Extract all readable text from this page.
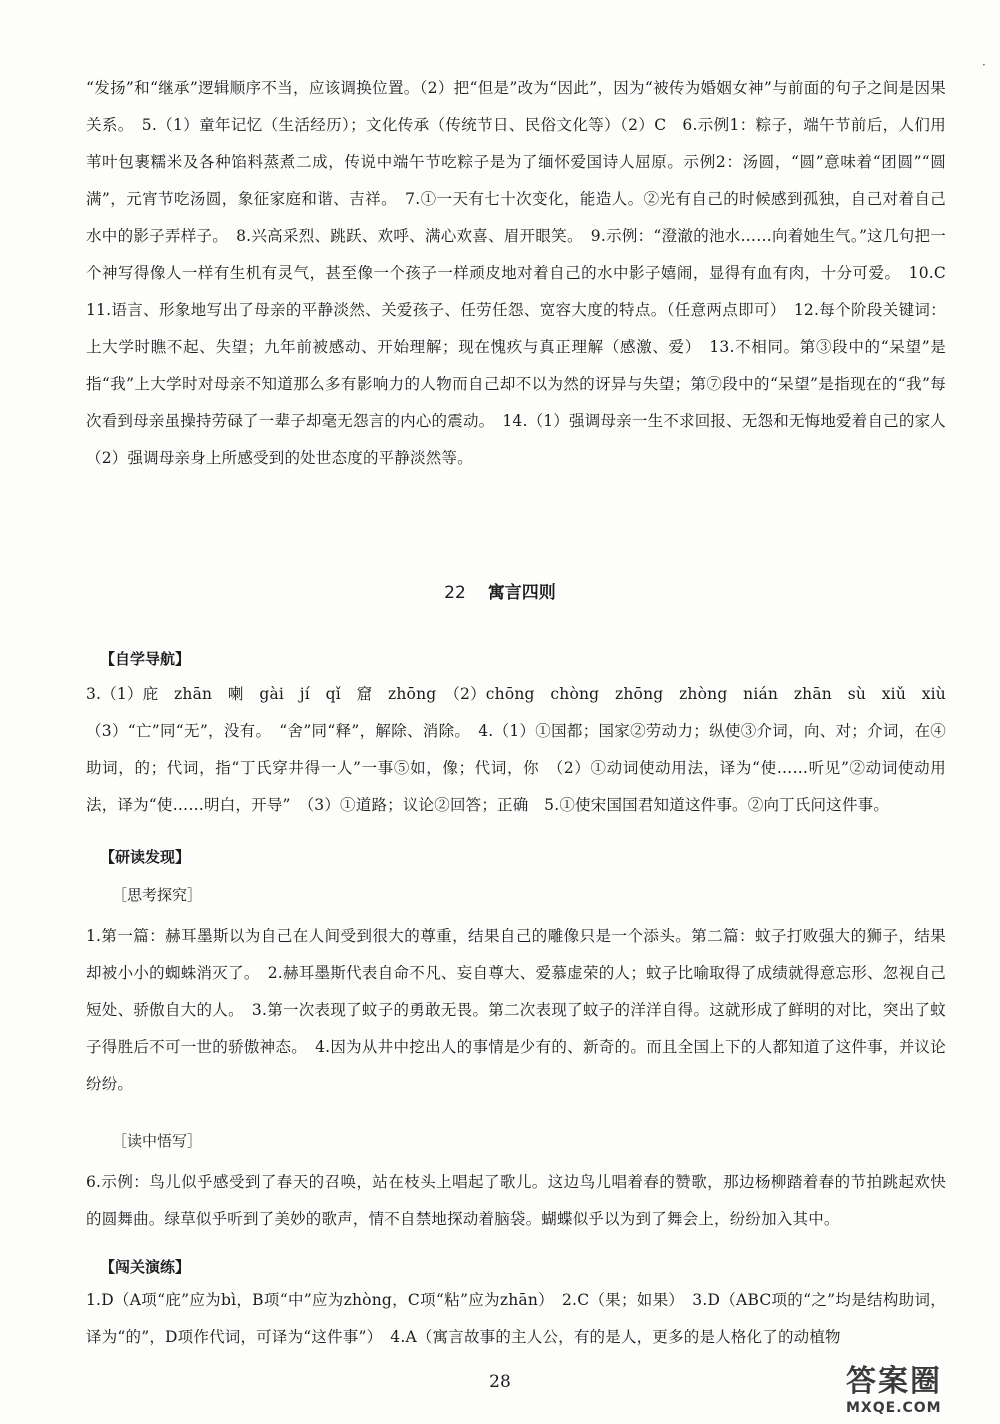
·

“发扬”和“继承”逻辑顺序不当，应该调换位置。（2）把“但是”改为“因此”，因为“被传为婚姻女神”与前面的句子之间是因果关系。　5.（1）童年记忆（生活经历）；文化传承（传统节日、民俗文化等）（2）C　6.示例1：粽子，端午节前后，人们用苇叶包裹糯米及各种馅料蒸煮二成，传说中端午节吃粽子是为了缅怀爱国诗人屈原。示例2：汤圆，“圆”意味着“团圆”“圆满”，元宵节吃汤圆，象征家庭和谐、吉祥。　7.①一天有七十次变化，能造人。②光有自己的时候感到孤独，自己对着自己水中的影子弄样子。　8.兴高采烈、跳跃、欢呼、满心欢喜、眉开眼笑。　9.示例：“澄澈的池水……向着她生气。”这几句把一个神写得像人一样有生机有灵气，甚至像一个孩子一样顽皮地对着自己的水中影子嬉闹，显得有血有肉，十分可爱。　10.C　11.语言、形象地写出了母亲的平静淡然、关爱孩子、任劳任怨、宽容大度的特点。（任意两点即可）　12.每个阶段关键词：上大学时瞧不起、失望；九年前被感动、开始理解；现在愧疚与真正理解（感激、爱）　13.不相同。第③段中的“呆望”是指“我”上大学时对母亲不知道那么多有影响力的人物而自己却不以为然的讶异与失望；第⑦段中的“呆望”是指现在的“我”每次看到母亲虽操持劳碌了一辈子却毫无怨言的内心的震动。　14.（1）强调母亲一生不求回报、无怨和无悔地爱着自己的家人（2）强调母亲身上所感受到的处世态度的平静淡然等。

22 寓言四则
【自学导航】

3.（1）庇　zhān　喇　gài　jí　qǐ　窟　zhōng　（2）chōng　chòng　zhōng　zhòng　nián　zhān　sù　xiǔ　xiù　（3）“亡”同“无”，没有。　“舍”同“释”，解除、消除。　4.（1）①国都；国家②劳动力；纵使③介词，向、对；介词，在④助词，的；代词，指“丁氏穿井得一人”一事⑤如，像；代词，你　（2）①动词使动用法，译为“使……听见”②动词使动用法，译为“使……明白，开导”　（3）①道路；议论②回答；正确　5.①使宋国国君知道这件事。②向丁氏问这件事。

【研读发现】
［思考探究］

1.第一篇：赫耳墨斯以为自己在人间受到很大的尊重，结果自己的雕像只是一个添头。第二篇：蚊子打败强大的狮子，结果却被小小的蜘蛛消灭了。　2.赫耳墨斯代表自命不凡、妄自尊大、爱慕虚荣的人；蚊子比喻取得了成绩就得意忘形、忽视自己短处、骄傲自大的人。　3.第一次表现了蚊子的勇敢无畏。第二次表现了蚊子的洋洋自得。这就形成了鲜明的对比，突出了蚊子得胜后不可一世的骄傲神态。　4.因为从井中挖出人的事情是少有的、新奇的。而且全国上下的人都知道了这件事，并议论纷纷。

［读中悟写］

6.示例：鸟儿似乎感受到了春天的召唤，站在枝头上唱起了歌儿。这边鸟儿唱着春的赞歌，那边杨柳踏着春的节拍跳起欢快的圆舞曲。绿草似乎听到了美妙的歌声，情不自禁地探动着脑袋。蝴蝶似乎以为到了舞会上，纷纷加入其中。

【闯关演练】

1.D（A项“庇”应为bì，B项“中”应为zhòng，C项“粘”应为zhān）　2.C（果；如果）　3.D（ABC项的“之”均是结构助词，译为“的”，D项作代词，可译为“这件事”）　4.A（寓言故事的主人公，有的是人，更多的是人格化了的动植物

28	答案圈
MXQE.COM
